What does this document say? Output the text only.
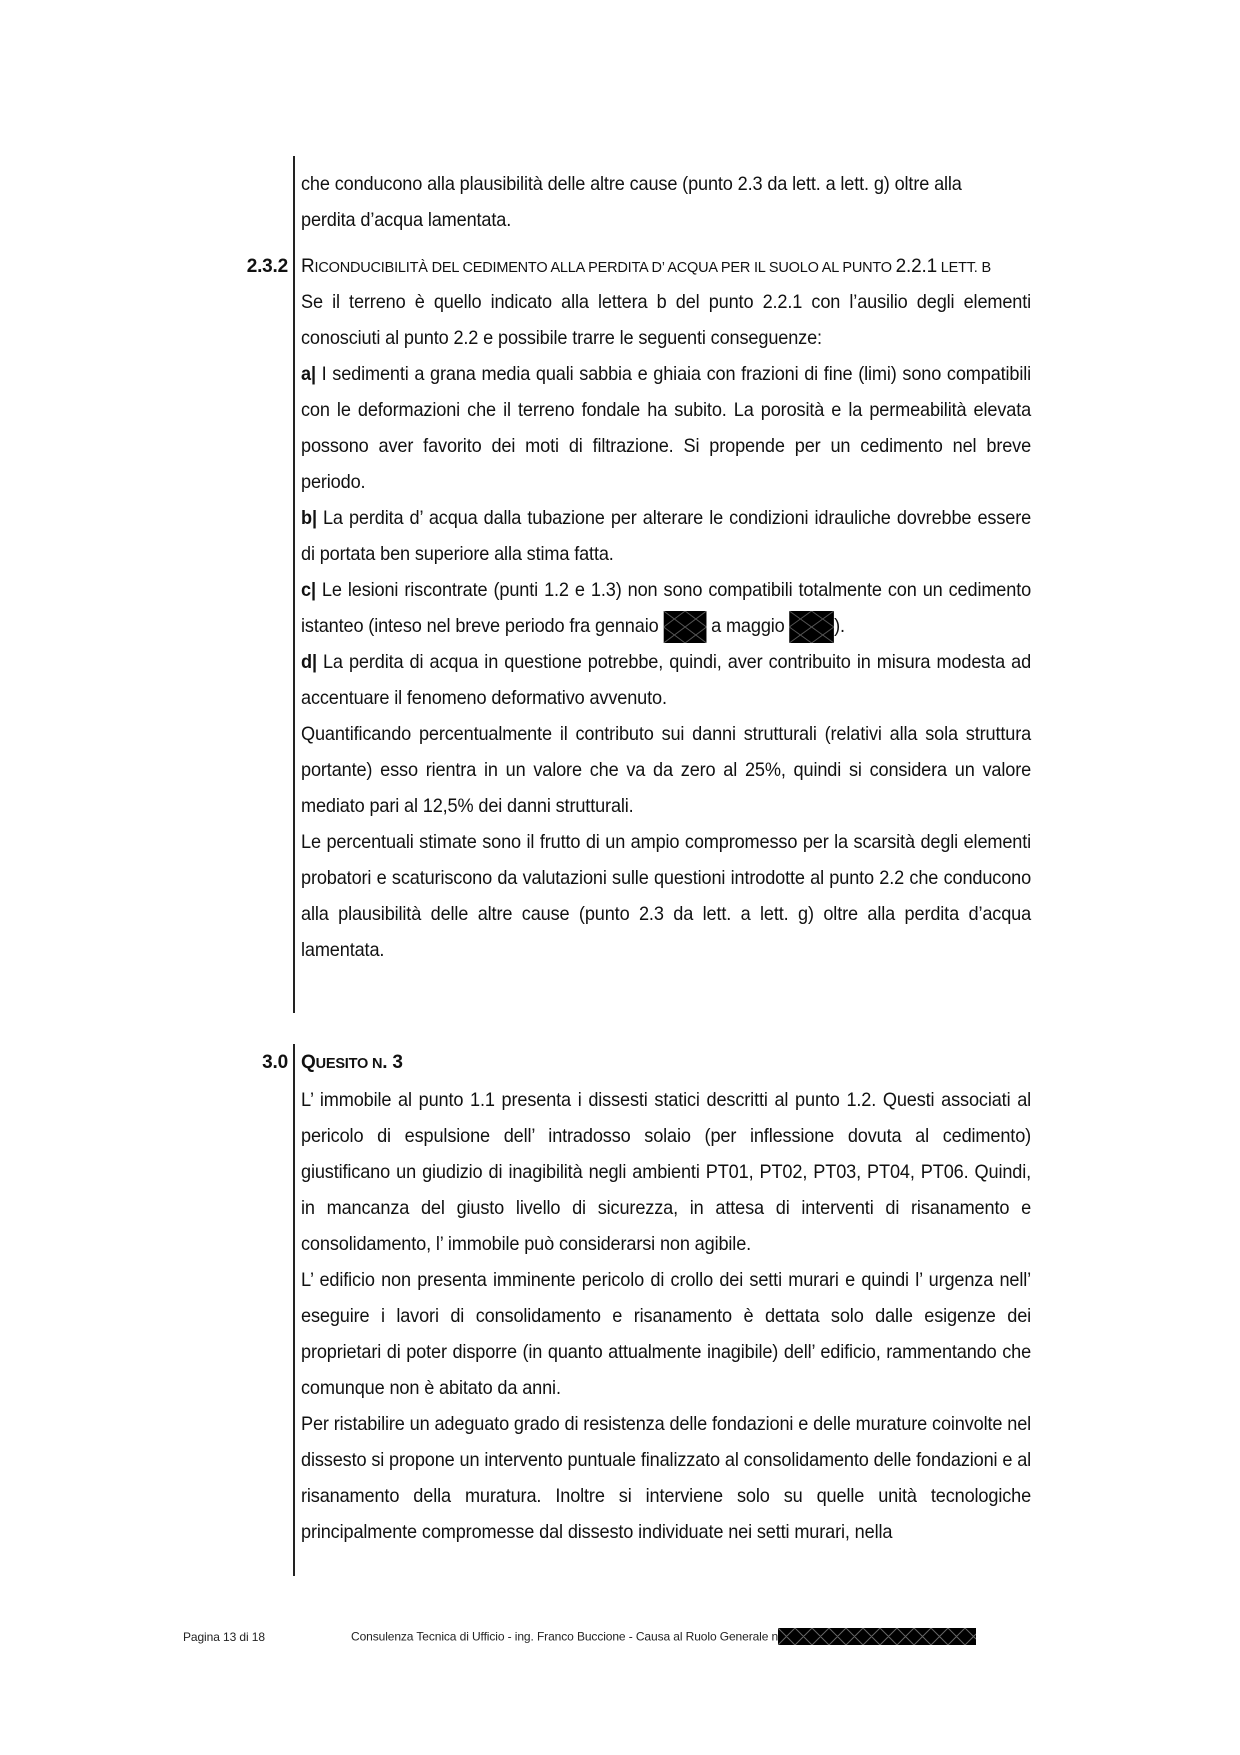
che conducono alla plausibilità delle altre cause (punto 2.3 da lett. a lett. g) oltre alla
perdita d’acqua lamentata.
2.3.2 RICONDUCIBILITÀ DEL CEDIMENTO ALLA PERDITA D’ ACQUA PER IL SUOLO AL PUNTO 2.2.1 LETT. B
Se il terreno è quello indicato alla lettera b del punto 2.2.1 con l’ausilio degli elementi conosciuti al punto 2.2 e possibile trarre le seguenti conseguenze:
a| I sedimenti a grana media quali sabbia e ghiaia con frazioni di fine (limi) sono compatibili con le deformazioni che il terreno fondale ha subito. La porosità e la permeabilità elevata possono aver favorito dei moti di filtrazione. Si propende per un cedimento nel breve periodo.
b| La perdita d’ acqua dalla tubazione per alterare le condizioni idrauliche dovrebbe essere di portata ben superiore alla stima fatta.
c| Le lesioni riscontrate (punti 1.2 e 1.3) non sono compatibili totalmente con un cedimento istanteo (inteso nel breve periodo fra gennaio
a maggio
).
d| La perdita di acqua in questione potrebbe, quindi, aver contribuito in misura modesta ad accentuare il fenomeno deformativo avvenuto.
Quantificando percentualmente il contributo sui danni strutturali (relativi alla sola struttura portante) esso rientra in un valore che va da zero al 25%, quindi si considera un valore mediato pari al 12,5% dei danni strutturali.
Le percentuali stimate sono il frutto di un ampio compromesso per la scarsità degli elementi probatori e scaturiscono da valutazioni sulle questioni introdotte al punto 2.2 che conducono alla plausibilità delle altre cause (punto 2.3 da lett. a lett. g) oltre alla perdita d’acqua lamentata.
3.0 QUESITO N. 3
L’ immobile al punto 1.1 presenta i dissesti statici descritti al punto 1.2. Questi associati al pericolo di espulsione dell’ intradosso solaio (per inflessione dovuta al cedimento) giustificano un giudizio di inagibilità negli ambienti PT01, PT02, PT03, PT04, PT06. Quindi, in mancanza del giusto livello di sicurezza, in attesa di interventi di risanamento e consolidamento, l’ immobile può considerarsi non agibile.
L’ edificio non presenta imminente pericolo di crollo dei setti murari e quindi l’ urgenza nell’ eseguire i lavori di consolidamento e risanamento è dettata solo dalle esigenze dei proprietari di poter disporre (in quanto attualmente inagibile) dell’ edificio, rammentando che comunque non è abitato da anni.
Per ristabilire un adeguato grado di resistenza delle fondazioni e delle murature coinvolte nel dissesto si propone un intervento puntuale finalizzato al consolidamento delle fondazioni e al risanamento della muratura. Inoltre si interviene solo su quelle unità tecnologiche principalmente compromesse dal dissesto individuate nei setti murari, nella
Pagina 13 di 18	Consulenza Tecnica di Ufficio - ing. Franco Buccione - Causa al Ruolo Generale n
